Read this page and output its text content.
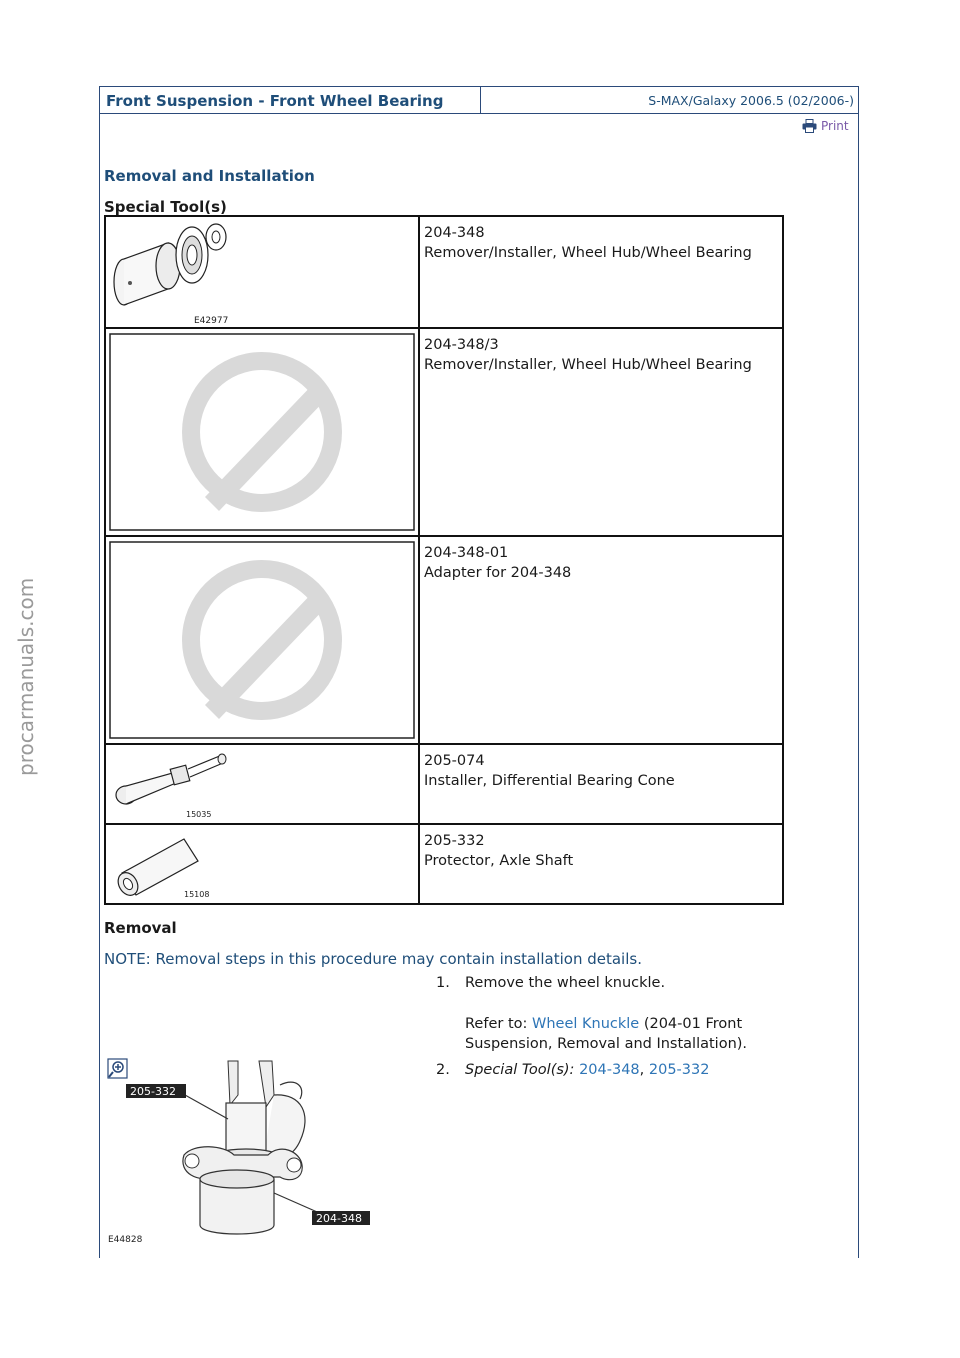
Front Suspension - Front Wheel Bearing	S-MAX/Galaxy 2006.5 (02/2006-)
Print
Removal and Installation
Special Tool(s)
E42977	204-348
Remover/Installer, Wheel Hub/Wheel Bearing

204-348/3
Remover/Installer, Wheel Hub/Wheel Bearing

204-348-01
Adapter for 204-348

15035	205-074
Installer, Differential Bearing Cone

15108	205-332
Protector, Axle Shaft
Removal
NOTE: Removal steps in this procedure may contain installation details.
1.	Remove the wheel knuckle.
Refer to: Wheel Knuckle (204-01 Front Suspension, Removal and Installation).
2.	Special Tool(s): 204-348, 205-332
205-332
204-348
E44828
procarmanuals.com
